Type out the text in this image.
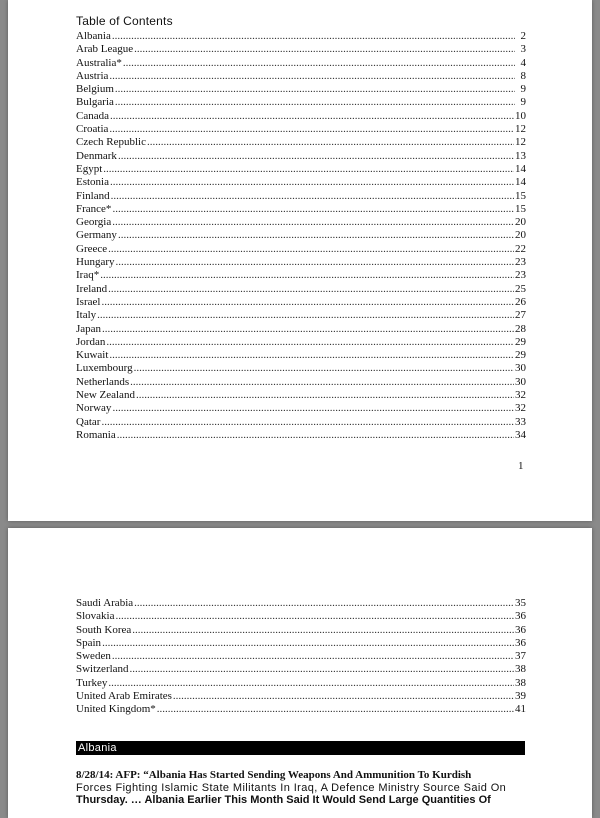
Table of Contents
Albania .....	2
Arab League .....	3
Australia* .....	4
Austria .....	8
Belgium .....	9
Bulgaria .....	9
Canada .....	10
Croatia .....	12
Czech Republic .....	12
Denmark .....	13
Egypt .....	14
Estonia .....	14
Finland .....	15
France* .....	15
Georgia .....	20
Germany .....	20
Greece .....	22
Hungary .....	23
Iraq* .....	23
Ireland .....	25
Israel .....	26
Italy .....	27
Japan .....	28
Jordan .....	29
Kuwait .....	29
Luxembourg .....	30
Netherlands .....	30
New Zealand .....	32
Norway .....	32
Qatar .....	33
Romania .....	34
1
Saudi Arabia .....	35
Slovakia .....	36
South Korea .....	36
Spain .....	36
Sweden .....	37
Switzerland .....	38
Turkey .....	38
United Arab Emirates .....	39
United Kingdom* .....	41
Albania
8/28/14: AFP: “Albania Has Started Sending Weapons And Ammunition To Kurdish
Forces Fighting Islamic State Militants In Iraq, A Defence Ministry Source Said On
Thursday. … Albania Earlier This Month Said It Would Send Large Quantities Of
